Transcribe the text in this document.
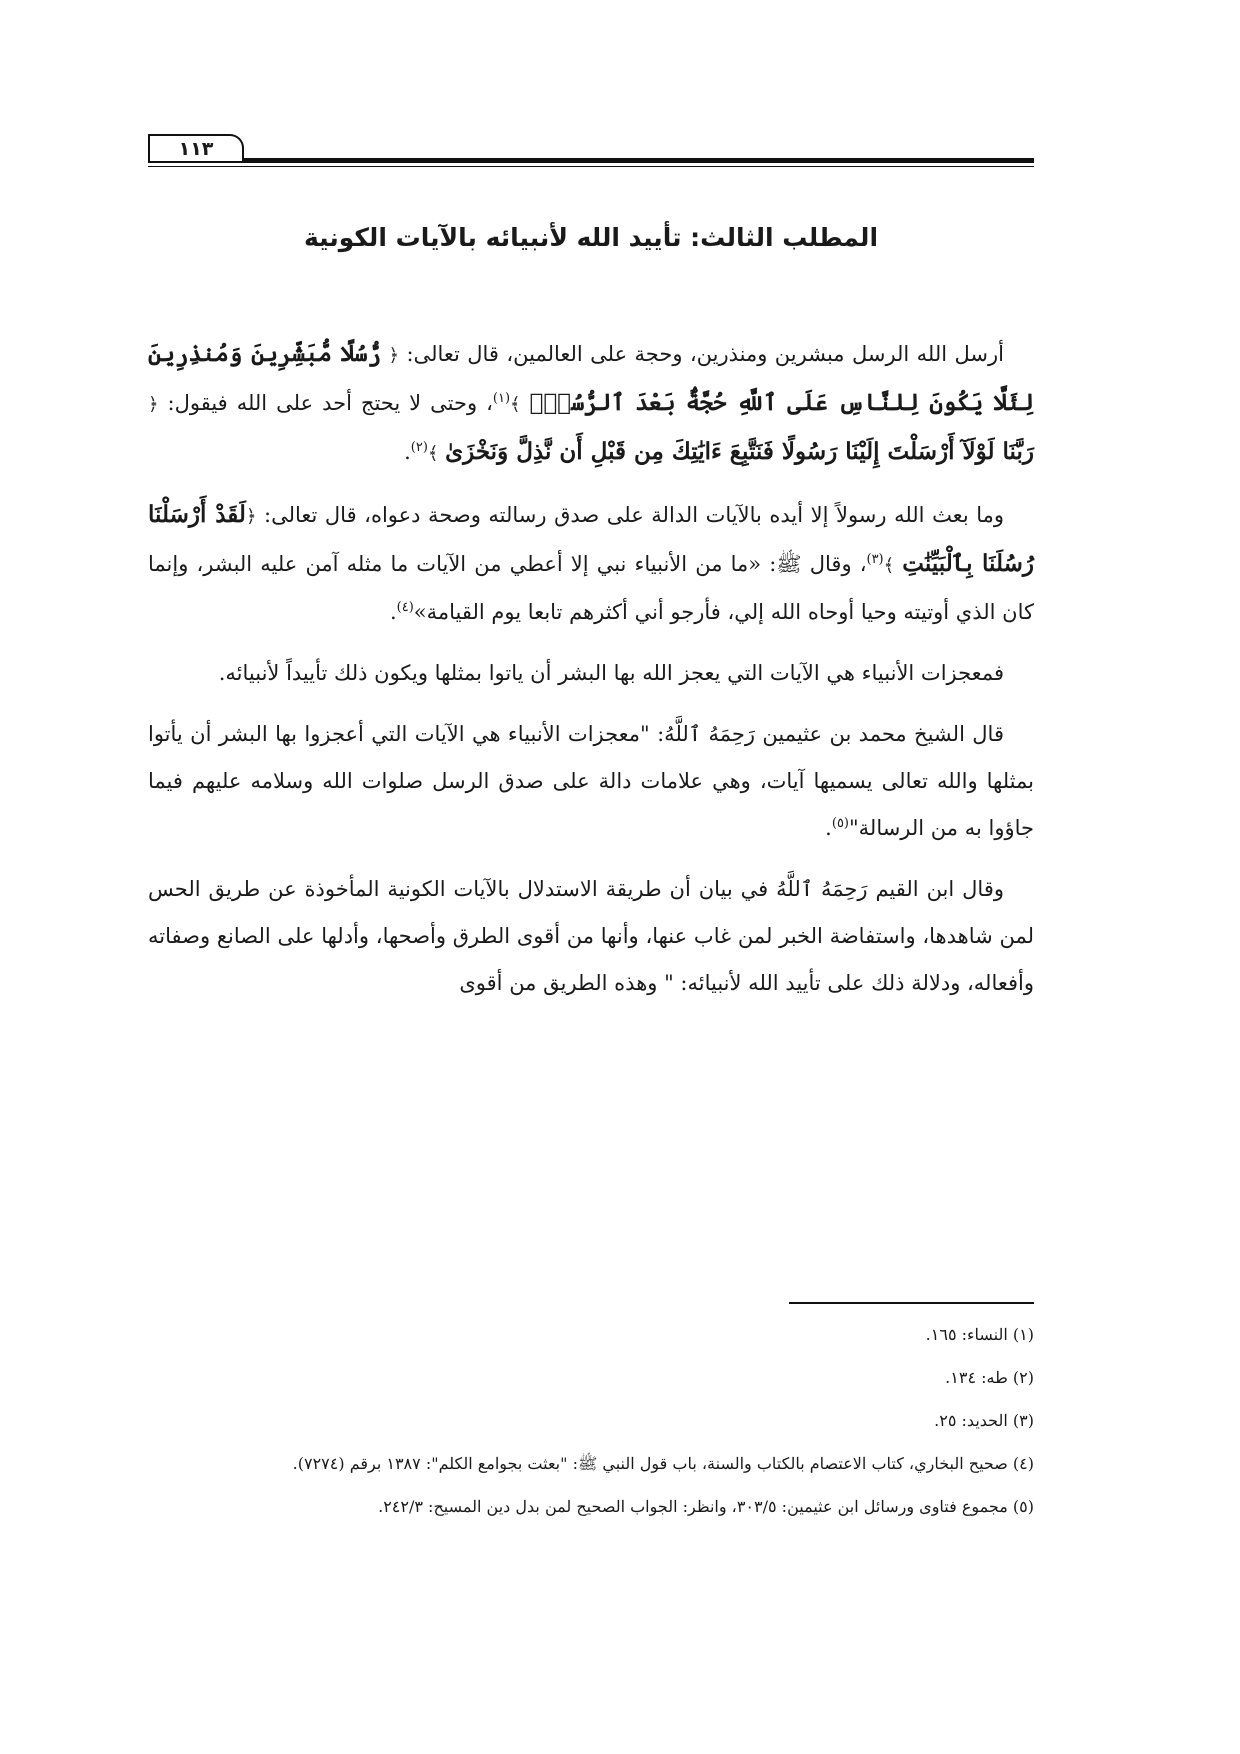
١١٣
المطلب الثالث: تأييد الله لأنبيائه بالآيات الكونية

أرسل الله الرسل مبشرين ومنذرين، وحجة على العالمين، قال تعالى: ﴿ رُّسُلًا مُّبَشِّرِينَ وَمُنذِرِينَ لِئَلَّا يَكُونَ لِلنَّاسِ عَلَى ٱللَّهِ حُجَّةٌۢ بَعْدَ ٱلرُّسُلِۚ ﴾$^{(١)}$، وحتى لا يحتج أحد على الله فيقول: ﴿ رَبَّنَا لَوْلَآ أَرْسَلْتَ إِلَيْنَا رَسُولًا فَنَتَّبِعَ ءَايَٰتِكَ مِن قَبْلِ أَن نَّذِلَّ وَنَخْزَىٰ ﴾$^{(٢)}$.

وما بعث الله رسولاً إلا أيده بالآيات الدالة على صدق رسالته وصحة دعواه، قال تعالى: ﴿لَقَدْ أَرْسَلْنَا رُسُلَنَا بِٱلْبَيِّنَٰتِ ﴾$^{(٣)}$، وقال ﷺ: «ما من الأنبياء نبي إلا أعطي من الآيات ما مثله آمن عليه البشر، وإنما كان الذي أوتيته وحيا أوحاه الله إلي، فأرجو أني أكثرهم تابعا يوم القيامة»$^{(٤)}$.

فمعجزات الأنبياء هي الآيات التي يعجز الله بها البشر أن ياتوا بمثلها ويكون ذلك تأييداً لأنبيائه.

قال الشيخ محمد بن عثيمين رَحِمَهُ ٱللَّهُ: "معجزات الأنبياء هي الآيات التي أعجزوا بها البشر أن يأتوا بمثلها والله تعالى يسميها آيات، وهي علامات دالة على صدق الرسل صلوات الله وسلامه عليهم فيما جاؤوا به من الرسالة"$^{(٥)}$.

وقال ابن القيم رَحِمَهُ ٱللَّهُ في بيان أن طريقة الاستدلال بالآيات الكونية المأخوذة عن طريق الحس لمن شاهدها، واستفاضة الخبر لمن غاب عنها، وأنها من أقوى الطرق وأصحها، وأدلها على الصانع وصفاته وأفعاله، ودلالة ذلك على تأييد الله لأنبيائه: " وهذه الطريق من أقوى

(١) النساء: ١٦٥.
(٢) طه: ١٣٤.
(٣) الحديد: ٢٥.
(٤) صحيح البخاري، كتاب الاعتصام بالكتاب والسنة، باب قول النبي ﷺ: "بعثت بجوامع الكلم": ١٣٨٧ برقم (٧٢٧٤).
(٥) مجموع فتاوى ورسائل ابن عثيمين: ٣٠٣/٥، وانظر: الجواب الصحيح لمن بدل دين المسيح: ٢٤٢/٣.
